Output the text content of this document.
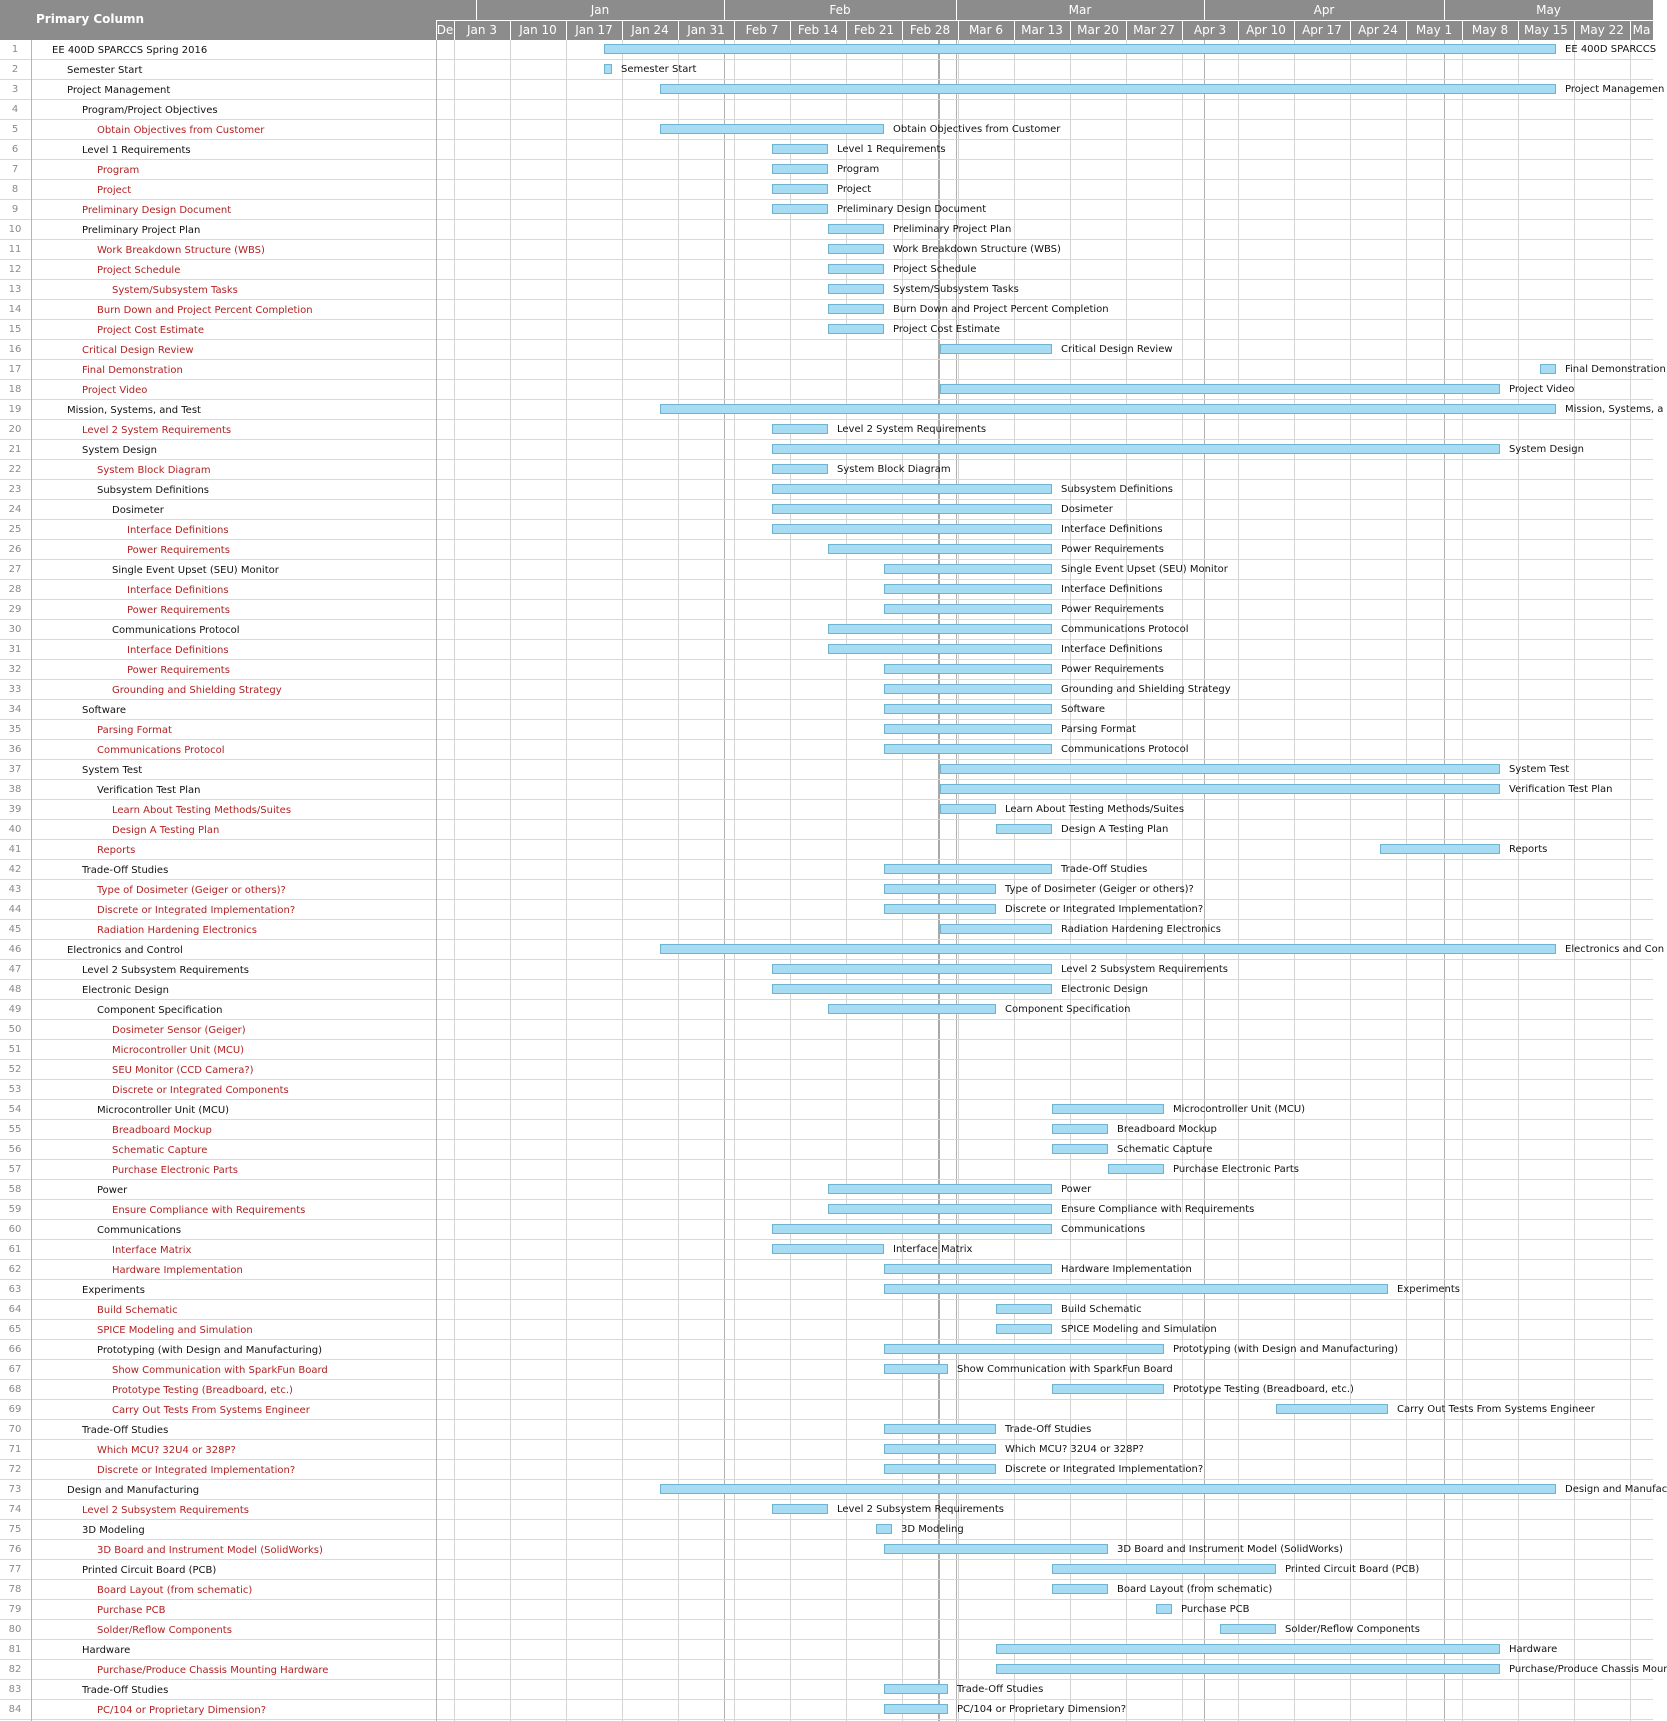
Primary Column
Jan	Feb	Mar	Apr	May
De	Jan 3	Jan 10	Jan 17	Jan 24	Jan 31	Feb 7	Feb 14	Feb 21	Feb 28	Mar 6	Mar 13	Mar 20	Mar 27	Apr 3	Apr 10	Apr 17	Apr 24	May 1	May 8	May 15	May 22 Ma
1	EE 400D SPARCCS Spring 2016	EE 400D SPARCCS
2	Semester Start	Semester Start
3	Project Management	Project Managemen
4	Program/Project Objectives
5	Obtain Objectives from Customer	Obtain Objectives from Customer
6	Level 1 Requirements	Level 1 Requirements
7	Program	Program
8	Project	Project
9	Preliminary Design Document	Preliminary Design Document
10	Preliminary Project Plan	Preliminary Project Plan
11	Work Breakdown Structure (WBS)	Work Breakdown Structure (WBS)
12	Project Schedule	Project Schedule
13	System/Subsystem Tasks	System/Subsystem Tasks
14	Burn Down and Project Percent Completion	Burn Down and Project Percent Completion
15	Project Cost Estimate	Project Cost Estimate
16	Critical Design Review	Critical Design Review
17	Final Demonstration	Final Demonstration
18	Project Video	Project Video
19	Mission, Systems, and Test	Mission, Systems, a
20	Level 2 System Requirements	Level 2 System Requirements
21	System Design	System Design
22	System Block Diagram	System Block Diagram
23	Subsystem Definitions	Subsystem Definitions
24	Dosimeter	Dosimeter
25	Interface Definitions	Interface Definitions
26	Power Requirements	Power Requirements
27	Single Event Upset (SEU) Monitor	Single Event Upset (SEU) Monitor
28	Interface Definitions	Interface Definitions
29	Power Requirements	Power Requirements
30	Communications Protocol	Communications Protocol
31	Interface Definitions	Interface Definitions
32	Power Requirements	Power Requirements
33	Grounding and Shielding Strategy	Grounding and Shielding Strategy
34	Software	Software
35	Parsing Format	Parsing Format
36	Communications Protocol	Communications Protocol
37	System Test	System Test
38	Verification Test Plan	Verification Test Plan
39	Learn About Testing Methods/Suites	Learn About Testing Methods/Suites
40	Design A Testing Plan	Design A Testing Plan
41	Reports	Reports
42	Trade-Off Studies	Trade-Off Studies
43	Type of Dosimeter (Geiger or others)?	Type of Dosimeter (Geiger or others)?
44	Discrete or Integrated Implementation?	Discrete or Integrated Implementation?
45	Radiation Hardening Electronics	Radiation Hardening Electronics
46	Electronics and Control	Electronics and Con
47	Level 2 Subsystem Requirements	Level 2 Subsystem Requirements
48	Electronic Design	Electronic Design
49	Component Specification	Component Specification
50	Dosimeter Sensor (Geiger)
51	Microcontroller Unit (MCU)
52	SEU Monitor (CCD Camera?)
53	Discrete or Integrated Components
54	Microcontroller Unit (MCU)	Microcontroller Unit (MCU)
55	Breadboard Mockup	Breadboard Mockup
56	Schematic Capture	Schematic Capture
57	Purchase Electronic Parts	Purchase Electronic Parts
58	Power	Power
59	Ensure Compliance with Requirements	Ensure Compliance with Requirements
60	Communications	Communications
61	Interface Matrix	Interface Matrix
62	Hardware Implementation	Hardware Implementation
63	Experiments	Experiments
64	Build Schematic	Build Schematic
65	SPICE Modeling and Simulation	SPICE Modeling and Simulation
66	Prototyping (with Design and Manufacturing)	Prototyping (with Design and Manufacturing)
67	Show Communication with SparkFun Board	Show Communication with SparkFun Board
68	Prototype Testing (Breadboard, etc.)	Prototype Testing (Breadboard, etc.)
69	Carry Out Tests From Systems Engineer	Carry Out Tests From Systems Engineer
70	Trade-Off Studies	Trade-Off Studies
71	Which MCU? 32U4 or 328P?	Which MCU? 32U4 or 328P?
72	Discrete or Integrated Implementation?	Discrete or Integrated Implementation?
73	Design and Manufacturing	Design and Manufac
74	Level 2 Subsystem Requirements	Level 2 Subsystem Requirements
75	3D Modeling	3D Modeling
76	3D Board and Instrument Model (SolidWorks)	3D Board and Instrument Model (SolidWorks)
77	Printed Circuit Board (PCB)	Printed Circuit Board (PCB)
78	Board Layout (from schematic)	Board Layout (from schematic)
79	Purchase PCB	Purchase PCB
80	Solder/Reflow Components	Solder/Reflow Components
81	Hardware	Hardware
82	Purchase/Produce Chassis Mounting Hardware	Purchase/Produce Chassis Mour
83	Trade-Off Studies	Trade-Off Studies
84	PC/104 or Proprietary Dimension?	PC/104 or Proprietary Dimension?
